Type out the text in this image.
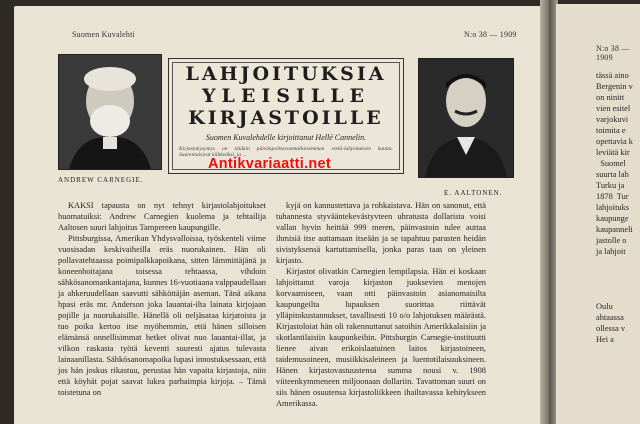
Suomen Kuvalehti	N:o 38 — 1909
LAHJOITUKSIA
YLEISILLE
KIRJASTOILLE
Suomen Kuvalehdelle kirjoittanut Hellé Cannelin.
Kirjastokysymys on tätäkin päivänpolttavanmallaisemman etelä-lahjoituksen kautta. Suurentaisivat kiihkeäksi, ja ...
ANDREW CARNEGIE.
E. AALTONEN.

KAKSI tapausta on nyt tehnyt kirjastolahjoitukset huomatuiksi: Andrew Carnegien kuolema ja tehtailija Aaltosen suuri lahjoitus Tampereen kaupungille.

Pittsburgissa, Amerikan Yhdysvalloissa, työskenteli viime vuosisadan keskivaiheilla eräs nuorukainen. Hän oli pollavatehtaassa poimipalkkapoikana, sitten lämmittäjänä ja koneenhoitajana toisessa tehtaassa, vihdoin sähkösanomankantajana, kunnes 16-vuotiaana valppaudellaan ja ahkeruudellaan saavutti sähköttäjän aseman. Tänä aikana hpasi eräs mr. Anderson joka lauantai-ilta lainata kirjojaan pojille ja nuorukaisille. Hänellä oli neljäsataa kirjatoista ja tuo poika kertoo itse myöhemmin, että hänen silloisen elämänsä onnellisimmat hetket olivat nuo lauantai-illat, ja vilkon raskasta työtä keventi suuresti ajatus tulevasta lainaanillasta. Sähkösanomapoika lupasi innostuksessaan, että jos hän joskus rikastuu, perustaa hän vapaita kirjastoja, niin että köyhät pojat saavat lukea parhaimpia kirjoja. – Tämä toistetuna on

kyjä on kannustettava ja rohkaistava. Hän on sanonut, että tuhannesta styvääntekevästyvteen uhratusta dollarista voisi vallan hyvin heittää 999 meren, päinvastoin tulee auttaa ihmisiä itse auttamaan itseään ja se tapahtuu parasten heidän sivistyksensä kartuttamisella, jonka paras taas on yleinen kirjasto.

Kirjastot olivatkin Carnegien lempilapsia. Hän ei koskaan lahjoittanut varoja kirjaston juoksevien menojen korvaamiseen, vaan otti päinvastoin asianomaisilta kaupungeilta lupauksen suorittaa riittävät ylläpitokustannukset, tavallisesti 10 o/o lahjotuksen määrästä. Kirjastoloiat hän oli rakennuttanut satoihin Amerikkalaisiin ja skotlantilaisiin kaupunkeihin. Pittsburgin Carnegie-instituutti lienee aivan erikoislaatuinen laitos kirjastoineen, taidemusoineen, musiikkisaleineen ja luentotilaisuuksineen. Hänen kirjastovastuustensa summa nousi v. 1908 viiteenkymmeneen miljoonaan dollariin. Tavattoman suuri on siis hänen osuutensa kirjastoliikkeen ihailtavassa kehitykseen Amerikassa.

Antikvariaatti.net
N:o 38 — 1909
tässä aino
Bergenin v
on ninitt
vien esitel
varjokuvi
toimita e
opettavia k
leviätä kir
Suomel
suurta lah
Turku ja
1878  Tur
lahjoituks
kaupunge
kaupanneli
jastolle o
ja lahjoit

Oulu
ahtaassa
ollessa v
Hei a
